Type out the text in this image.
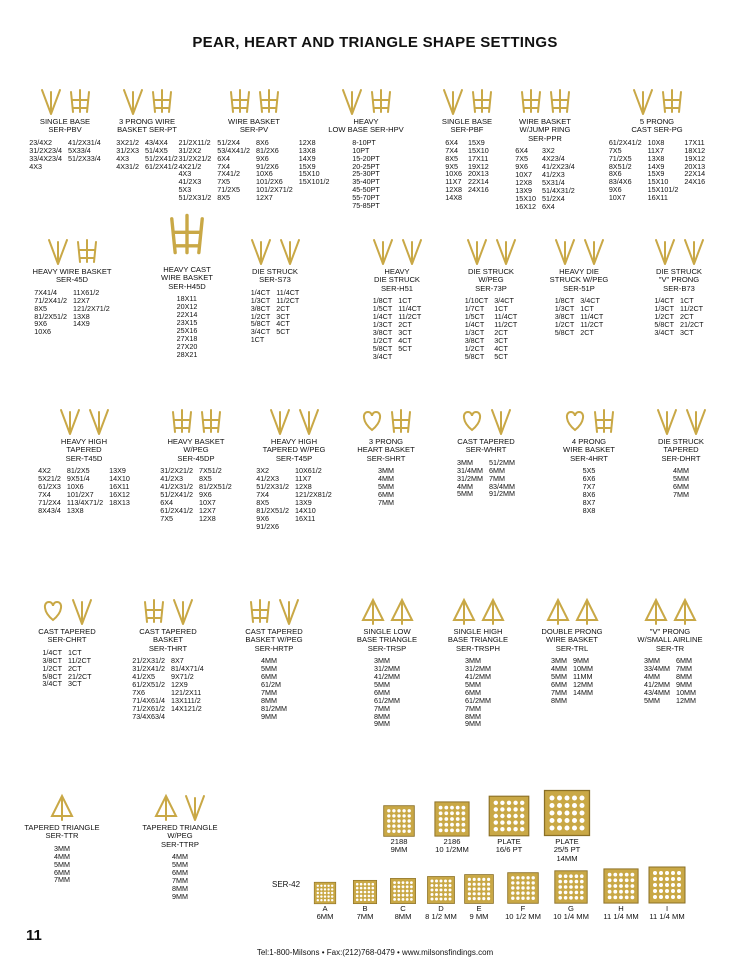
PEAR, HEART AND TRIANGLE SHAPE SETTINGS
SINGLE BASE
SER-PBV
23/4X2
31/2X23/4
33/4X23/4
4X3
41/2X31/4
5X33/4
51/2X33/4
3 PRONG WIRE
BASKET SER-PT
3X21/2
31/2X3
4X3
4X31/2
43/4X4
51/4X5
51/2X41/2
61/2X41/2
WIRE BASKET
SER-PV
21/2X11/2
31/2X2
31/2X21/2
4X21/2
4X3
41/2X3
5X3
51/2X31/2
51/2X4
53/4X41/2
6X4
7X4
7X41/2
7X5
71/2X5
8X5
8X6
81/2X6
9X6
91/2X6
10X6
101/2X6
101/2X71/2
12X7
12X8
13X8
14X9
15X9
15X10
15X101/2
HEAVY
LOW BASE SER-HPV
8-10PT
10PT
15-20PT
20-25PT
25-30PT
35-40PT
45-50PT
55-70PT
75-85PT
SINGLE BASE
SER-PBF
6X4
7X4
8X5
9X5
10X6
11X7
12X8
14X8
15X9
15X10
17X11
19X12
20X13
22X14
24X16
WIRE BASKET
W/JUMP RING
SER-PPR
6X4
7X5
9X6
10X7
12X8
13X9
15X10
16X12
3X2
4X23/4
41/2X23/4
41/2X3
5X31/4
51/4X31/2
51/2X4
6X4
5 PRONG
CAST SER-PG
61/2X41/2
7X5
71/2X5
8X51/2
8X6
83/4X6
9X6
10X7
10X8
11X7
13X8
14X9
15X9
15X10
15X101/2
16X11
17X11
18X12
19X12
20X13
22X14
24X16
HEAVY WIRE BASKET
SER-45D
7X41/4
71/2X41/2
8X5
81/2X51/2
9X6
10X6
11X61/2
12X7
121/2X71/2
13X8
14X9
HEAVY CAST
WIRE BASKET
SER-H45D
18X11
20X12
22X14
23X15
25X16
27X18
27X20
28X21
DIE STRUCK
SER-S73
1/4CT
1/3CT
3/8CT
1/2CT
5/8CT
3/4CT
1CT
11/4CT
11/2CT
2CT
3CT
4CT
5CT
HEAVY
DIE STRUCK
SER-H51
1/8CT
1/5CT
1/4CT
1/3CT
3/8CT
1/2CT
5/8CT
3/4CT
1CT
11/4CT
11/2CT
2CT
3CT
4CT
5CT
DIE STRUCK
W/PEG
SER-73P
1/10CT
1/7CT
1/5CT
1/4CT
1/3CT
3/8CT
1/2CT
5/8CT
3/4CT
1CT
11/4CT
11/2CT
2CT
3CT
4CT
5CT
HEAVY DIE
STRUCK W/PEG
SER-51P
1/8CT
1/3CT
3/8CT
1/2CT
5/8CT
3/4CT
1CT
11/4CT
11/2CT
2CT
DIE STRUCK
"V" PRONG
SER-B73
1/4CT
1/3CT
1/2CT
5/8CT
3/4CT
1CT
11/2CT
2CT
21/2CT
3CT
HEAVY HIGH
TAPERED
SER-T45D
4X2
5X21/2
61/2X3
7X4
71/2X4
8X43/4
81/2X5
9X51/4
10X6
101/2X7
113/4X71/2
13X8
13X9
14X10
16X11
16X12
18X13
HEAVY BASKET
W/PEG
SER-45DP
31/2X21/2
41/2X3
41/2X31/2
51/2X41/2
6X4
61/2X41/2
7X5
7X51/2
8X5
81/2X51/2
9X6
10X7
12X7
12X8
HEAVY HIGH
TAPERED W/PEG
SER-T45P
3X2
41/2X3
51/2X31/2
7X4
8X5
81/2X51/2
9X6
91/2X6
10X61/2
11X7
12X8
121/2X81/2
13X9
14X10
16X11
3 PRONG
HEART BASKET
SER-SHRT
3MM
4MM
5MM
6MM
7MM
CAST TAPERED
SER-WHRT
3MM
31/4MM
31/2MM
4MM
5MM
51/2MM
6MM
7MM
83/4MM
91/2MM
4 PRONG
WIRE BASKET
SER-4HRT
5X5
6X6
7X7
8X6
8X7
8X8
DIE STRUCK
TAPERED
SER-DHRT
4MM
5MM
6MM
7MM
CAST TAPERED
SER-CHRT
1/4CT
3/8CT
1/2CT
5/8CT
3/4CT
1CT
11/2CT
2CT
21/2CT
3CT
CAST TAPERED
BASKET
SER-THRT
21/2X31/2
31/2X41/2
41/2X5
61/2X51/2
7X6
71/4X61/4
71/2X61/2
73/4X63/4
8X7
81/4X71/4
9X71/2
12X9
121/2X11
13X111/2
14X121/2
CAST TAPERED
BASKET W/PEG
SER-HRTP
4MM
5MM
6MM
61/2M
7MM
8MM
81/2MM
9MM
SINGLE LOW
BASE TRIANGLE
SER-TRSP
3MM
31/2MM
41/2MM
5MM
6MM
61/2MM
7MM
8MM
9MM
SINGLE HIGH
BASE TRIANGLE
SER-TRSPH
3MM
31/2MM
41/2MM
5MM
6MM
61/2MM
7MM
8MM
9MM
DOUBLE PRONG
WIRE BASKET
SER-TRL
3MM
4MM
5MM
6MM
7MM
8MM
9MM
10MM
11MM
12MM
14MM
"V" PRONG
W/SMALL AIRLINE
SER-TR
3MM
33/4MM
4MM
41/2MM
43/4MM
5MM
6MM
7MM
8MM
9MM
10MM
12MM
TAPERED TRIANGLE
SER-TTR
3MM
4MM
5MM
6MM
7MM
TAPERED TRIANGLE
W/PEG
SER-TTRP
4MM
5MM
6MM
7MM
8MM
9MM
2188
9MM
2186
10 1/2MM
PLATE
16/6 PT
PLATE
25/5 PT
14MM
SER-42
A
6MM
B
7MM
C
8MM
D
8 1/2 MM
E
9 MM
F
10 1/2 MM
G
10 1/4 MM
H
11 1/4 MM
I
11 1/4 MM
11
Tel:1-800-Milsons • Fax:(212)768-0479 • www.milsonsfindings.com
